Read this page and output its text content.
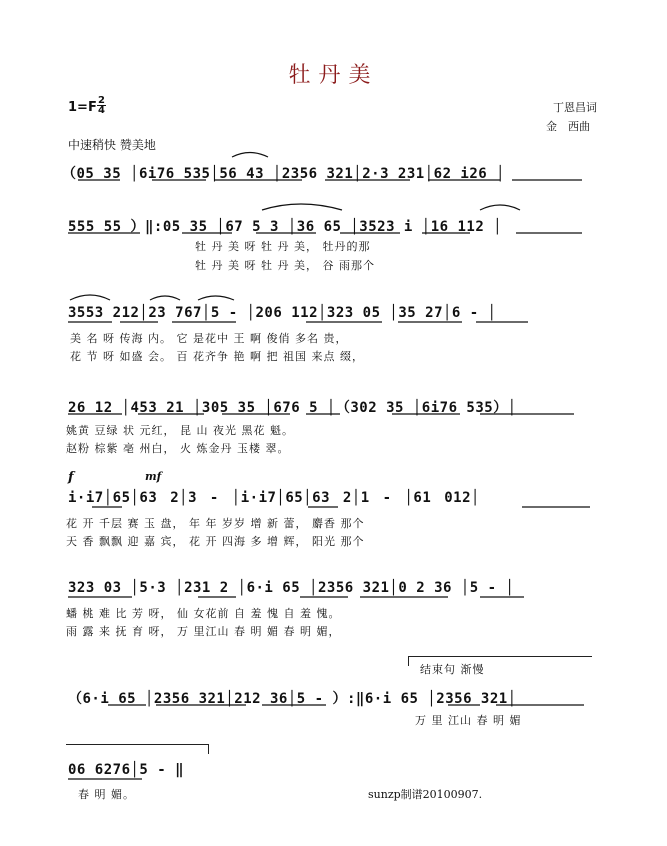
牡丹美
1=F 2
4	丁恩昌词
金　西曲
中速稍快 赞美地
（05 35 │6i76 535│56 43 │2356 321│2·3 231│62 i26 │
555 55 ）‖:05 35 │67 5 3 │36 65 │3523 i │16 112 │
牡 丹 美 呀 牡 丹 美， 牡丹的那
牡 丹 美 呀 牡 丹 美， 谷 雨那个
3553 212│23 767│5 - │206 112│323 05 │35 27│6 - │
美 名 呀 传海 内。 它 是花中 王 啊 俊俏 多名 贵，
花 节 呀 如盛 会。 百 花齐争 艳 啊 把 祖国 来点 缀，
26 12 │453 21 │305 35 │676 5 │（302 35 │6i76 535）│
姚黄 豆绿 状 元红， 昆 山 夜光 黑花 魁。
赵粉 棕紫 亳 州白， 火 炼金丹 玉楼 翠。
f	mf
i·i7│65│63 2│3 - │i·i7│65│63 2│1 - │61 012│
花 开 千层 赛 玉 盘， 年 年 岁岁 增 新 蕾， 麝香 那个
天 香 飘飘 迎 嘉 宾， 花 开 四海 多 增 辉， 阳光 那个
323 03 │5·3 │231 2 │6·i 65 │2356 321│0 2 36 │5 - │
蟠 桃 难 比 芳 呀， 仙 女花前 自 羞 愧 自 羞 愧。
雨 露 来 抚 育 呀， 万 里江山 春 明 媚 春 明 媚，
结束句 渐慢
（6·i 65 │2356 321│212 36│5 - ）:‖6·i 65 │2356 321│
万 里 江山 春 明 媚
06 6276│5 - ‖
春 明 媚。	sunzp制谱20100907.
